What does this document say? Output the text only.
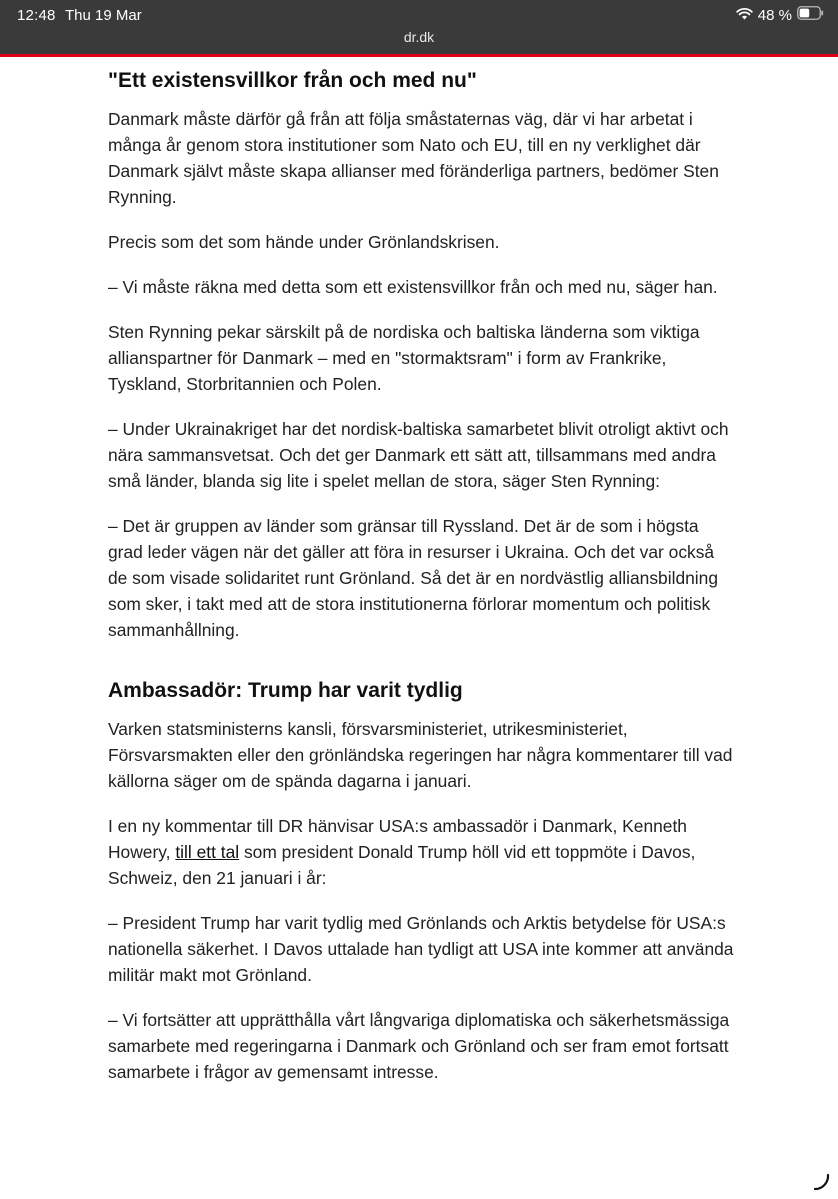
12:48 Thu 19 Mar	48 %
dr.dk
"Ett existensvillkor från och med nu"

Danmark måste därför gå från att följa småstaternas väg, där vi har arbetat i många år genom stora institutioner som Nato och EU, till en ny verklighet där Danmark självt måste skapa allianser med föränderliga partners, bedömer Sten Rynning.

Precis som det som hände under Grönlandskrisen.

– Vi måste räkna med detta som ett existensvillkor från och med nu, säger han.

Sten Rynning pekar särskilt på de nordiska och baltiska länderna som viktiga allianspartner för Danmark – med en "stormaktsram" i form av Frankrike, Tyskland, Storbritannien och Polen.

– Under Ukrainakriget har det nordisk-baltiska samarbetet blivit otroligt aktivt och nära sammansvetsat. Och det ger Danmark ett sätt att, tillsammans med andra små länder, blanda sig lite i spelet mellan de stora, säger Sten Rynning:

– Det är gruppen av länder som gränsar till Ryssland. Det är de som i högsta grad leder vägen när det gäller att föra in resurser i Ukraina. Och det var också de som visade solidaritet runt Grönland. Så det är en nordvästlig alliansbildning som sker, i takt med att de stora institutionerna förlorar momentum och politisk sammanhållning.

Ambassadör: Trump har varit tydlig

Varken statsministerns kansli, försvarsministeriet, utrikesministeriet, Försvarsmakten eller den grönländska regeringen har några kommentarer till vad källorna säger om de spända dagarna i januari.

I en ny kommentar till DR hänvisar USA:s ambassadör i Danmark, Kenneth Howery, till ett tal som president Donald Trump höll vid ett toppmöte i Davos, Schweiz, den 21 januari i år:

– President Trump har varit tydlig med Grönlands och Arktis betydelse för USA:s nationella säkerhet. I Davos uttalade han tydligt att USA inte kommer att använda militär makt mot Grönland.

– Vi fortsätter att upprätthålla vårt långvariga diplomatiska och säkerhetsmässiga samarbete med regeringarna i Danmark och Grönland och ser fram emot fortsatt samarbete i frågor av gemensamt intresse.
